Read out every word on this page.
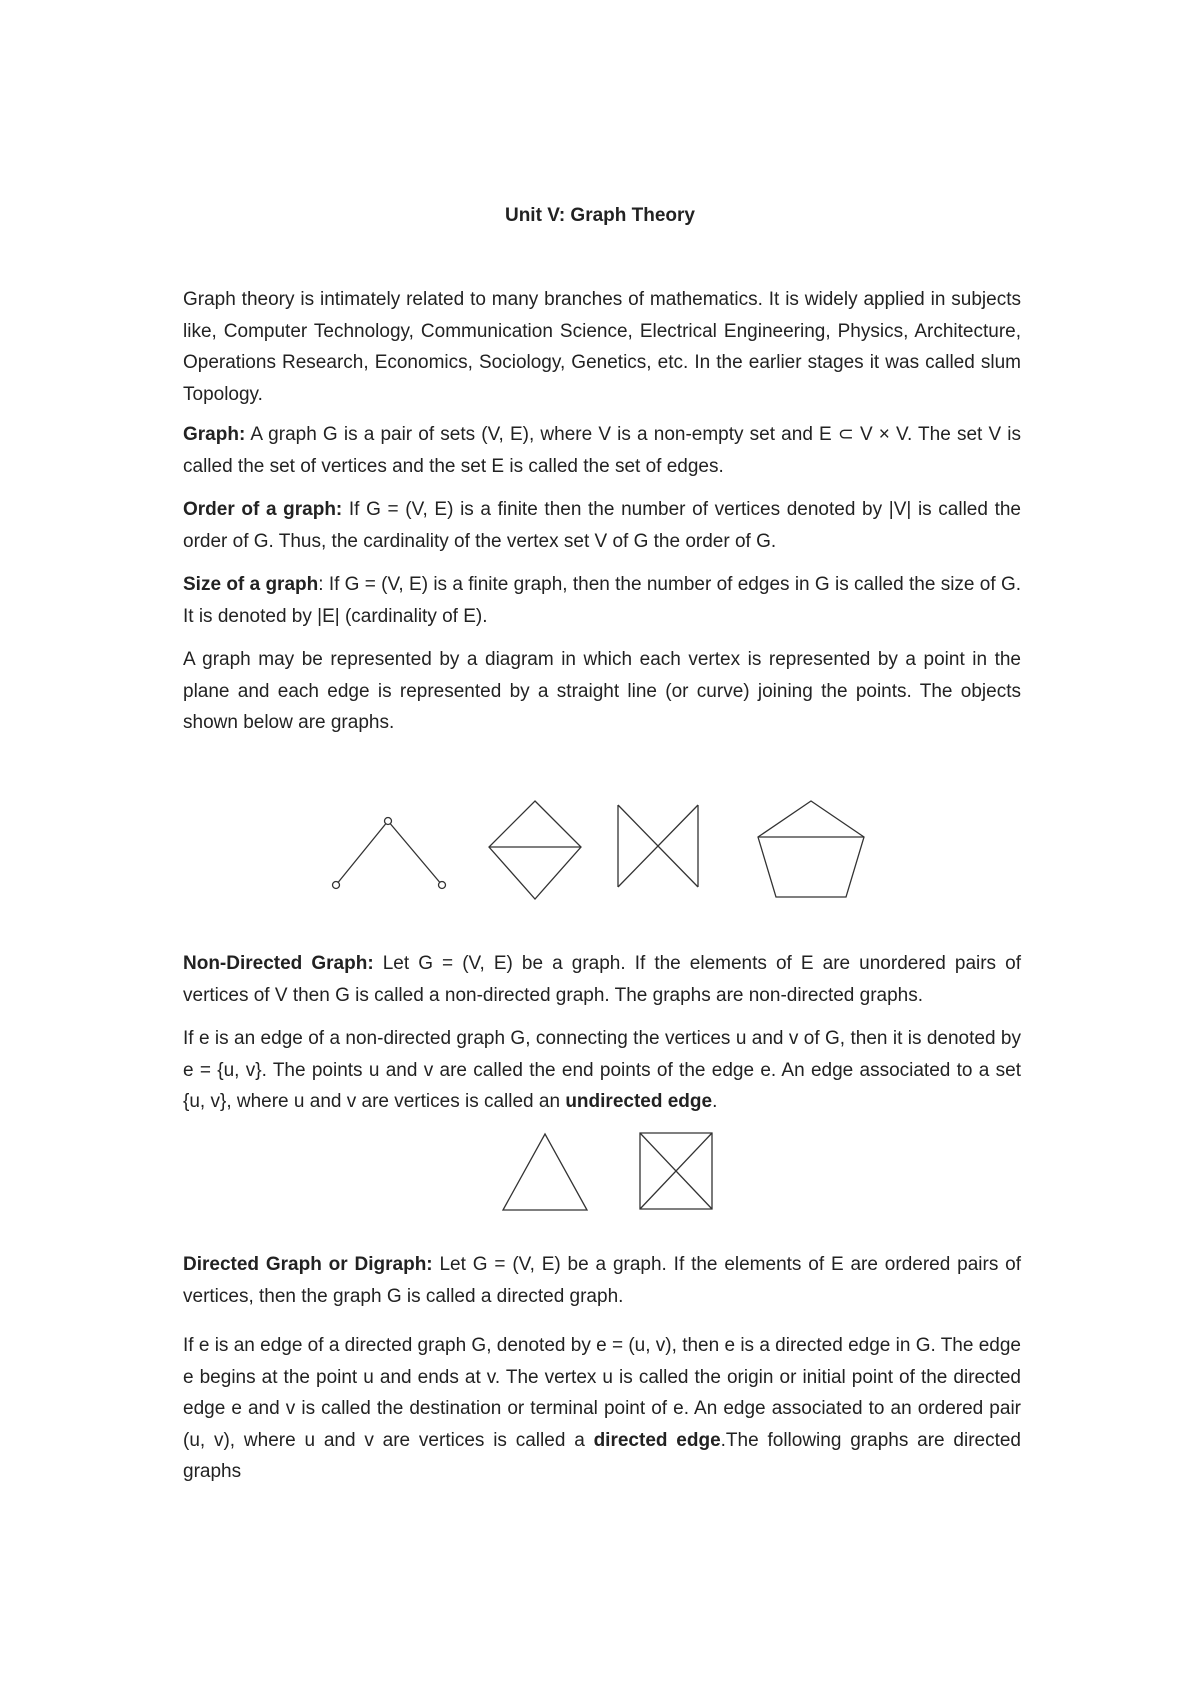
Unit V: Graph Theory

Graph theory is intimately related to many branches of mathematics. It is widely applied in subjects like, Computer Technology, Communication Science, Electrical Engineering, Physics, Architecture, Operations Research, Economics, Sociology, Genetics, etc. In the earlier stages it was called slum Topology.

Graph: A graph G is a pair of sets (V, E), where V is a non-empty set and E ⊂ V × V. The set V is called the set of vertices and the set E is called the set of edges.

Order of a graph: If G = (V, E) is a finite then the number of vertices denoted by |V| is called the order of G. Thus, the cardinality of the vertex set V of G the order of G.

Size of a graph: If G = (V, E) is a finite graph, then the number of edges in G is called the size of G. It is denoted by |E| (cardinality of E).

A graph may be represented by a diagram in which each vertex is represented by a point in the plane and each edge is represented by a straight line (or curve) joining the points. The objects shown below are graphs.

Non-Directed Graph: Let G = (V, E) be a graph. If the elements of E are unordered pairs of vertices of V then G is called a non-directed graph. The graphs are non-directed graphs.

If e is an edge of a non-directed graph G, connecting the vertices u and v of G, then it is denoted by e = {u, v}. The points u and v are called the end points of the edge e. An edge associated to a set {u, v}, where u and v are vertices is called an undirected edge.

Directed Graph or Digraph: Let G = (V, E) be a graph. If the elements of E are ordered pairs of vertices, then the graph G is called a directed graph.

If e is an edge of a directed graph G, denoted by e = (u, v), then e is a directed edge in G. The edge e begins at the point u and ends at v. The vertex u is called the origin or initial point of the directed edge e and v is called the destination or terminal point of e. An edge associated to an ordered pair (u, v), where u and v are vertices is called a directed edge.The following graphs are directed graphs
